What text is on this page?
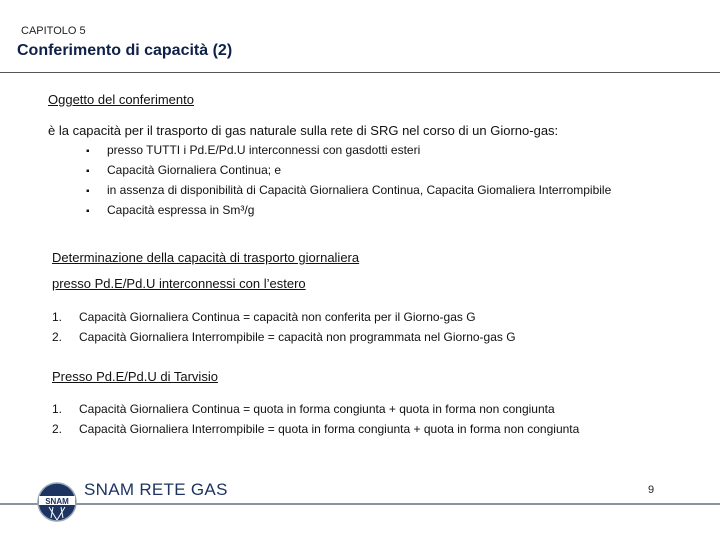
CAPITOLO 5
Conferimento di capacità (2)
Oggetto del conferimento
è la capacità per il trasporto di gas naturale sulla rete di SRG nel corso di un Giorno-gas:
▪ presso TUTTI i Pd.E/Pd.U interconnessi con gasdotti esteri
▪ Capacità Giornaliera Continua; e
▪ in assenza di disponibilità di Capacità Giornaliera Continua, Capacita Giomaliera Interrompibile
▪ Capacità espressa in Sm³/g
Determinazione della capacità di trasporto giornaliera
presso Pd.E/Pd.U interconnessi con l’estero
1. Capacità Giornaliera Continua = capacità non conferita per il Giorno-gas G
2. Capacità Giornaliera Interrompibile = capacità non programmata nel Giorno-gas G
Presso Pd.E/Pd.U di Tarvisio
1. Capacità Giornaliera Continua = quota in forma congiunta + quota in forma non congiunta
2. Capacità Giornaliera Interrompibile = quota in forma congiunta + quota in forma non congiunta
SNAM
SNAM RETE GAS	9
